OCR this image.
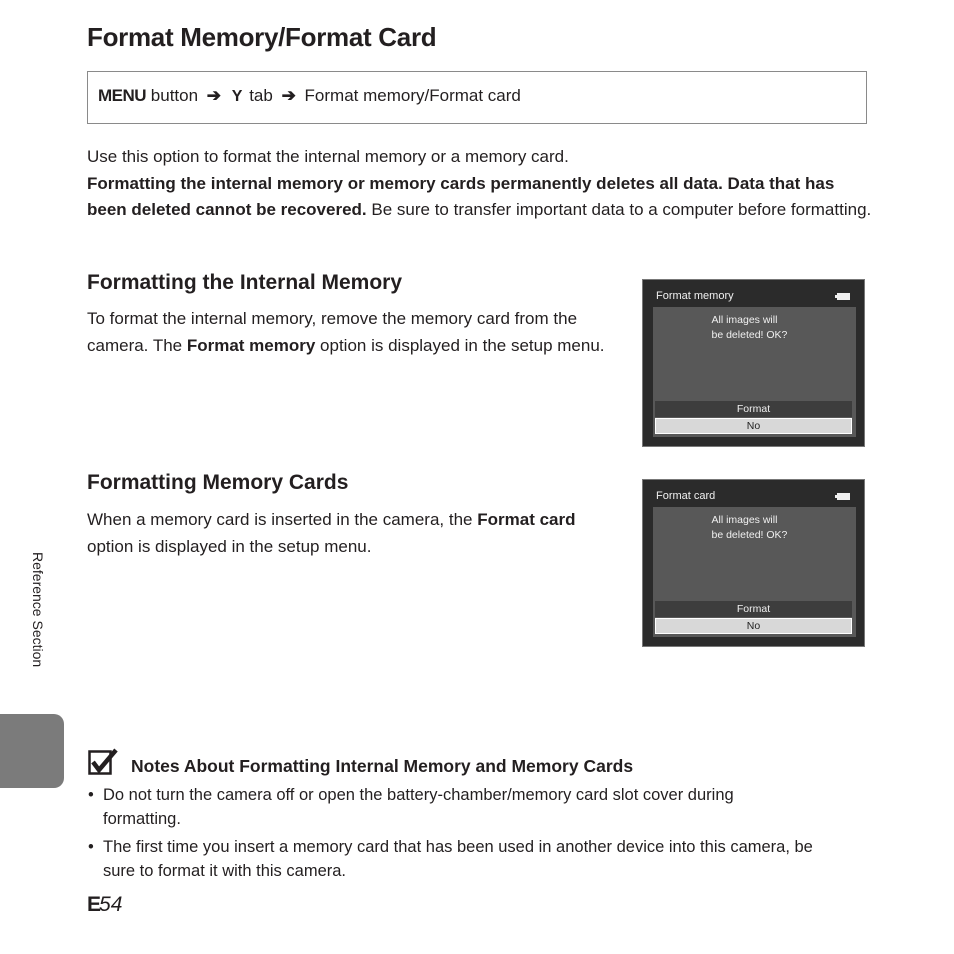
Format Memory/Format Card
MENU button ➔ Y tab ➔ Format memory/Format card
Use this option to format the internal memory or a memory card.
Formatting the internal memory or memory cards permanently deletes all data. Data that has been deleted cannot be recovered. Be sure to transfer important data to a computer before formatting.
Formatting the Internal Memory
To format the internal memory, remove the memory card from the camera. The Format memory option is displayed in the setup menu.
Format memory
All images will
be deleted! OK?
Format
No
Formatting Memory Cards
When a memory card is inserted in the camera, the Format card option is displayed in the setup menu.
Format card
All images will
be deleted! OK?
Format
No
Reference Section
Notes About Formatting Internal Memory and Memory Cards
• Do not turn the camera off or open the battery-chamber/memory card slot cover during
formatting.
• The first time you insert a memory card that has been used in another device into this camera, be
sure to format it with this camera.
E54
